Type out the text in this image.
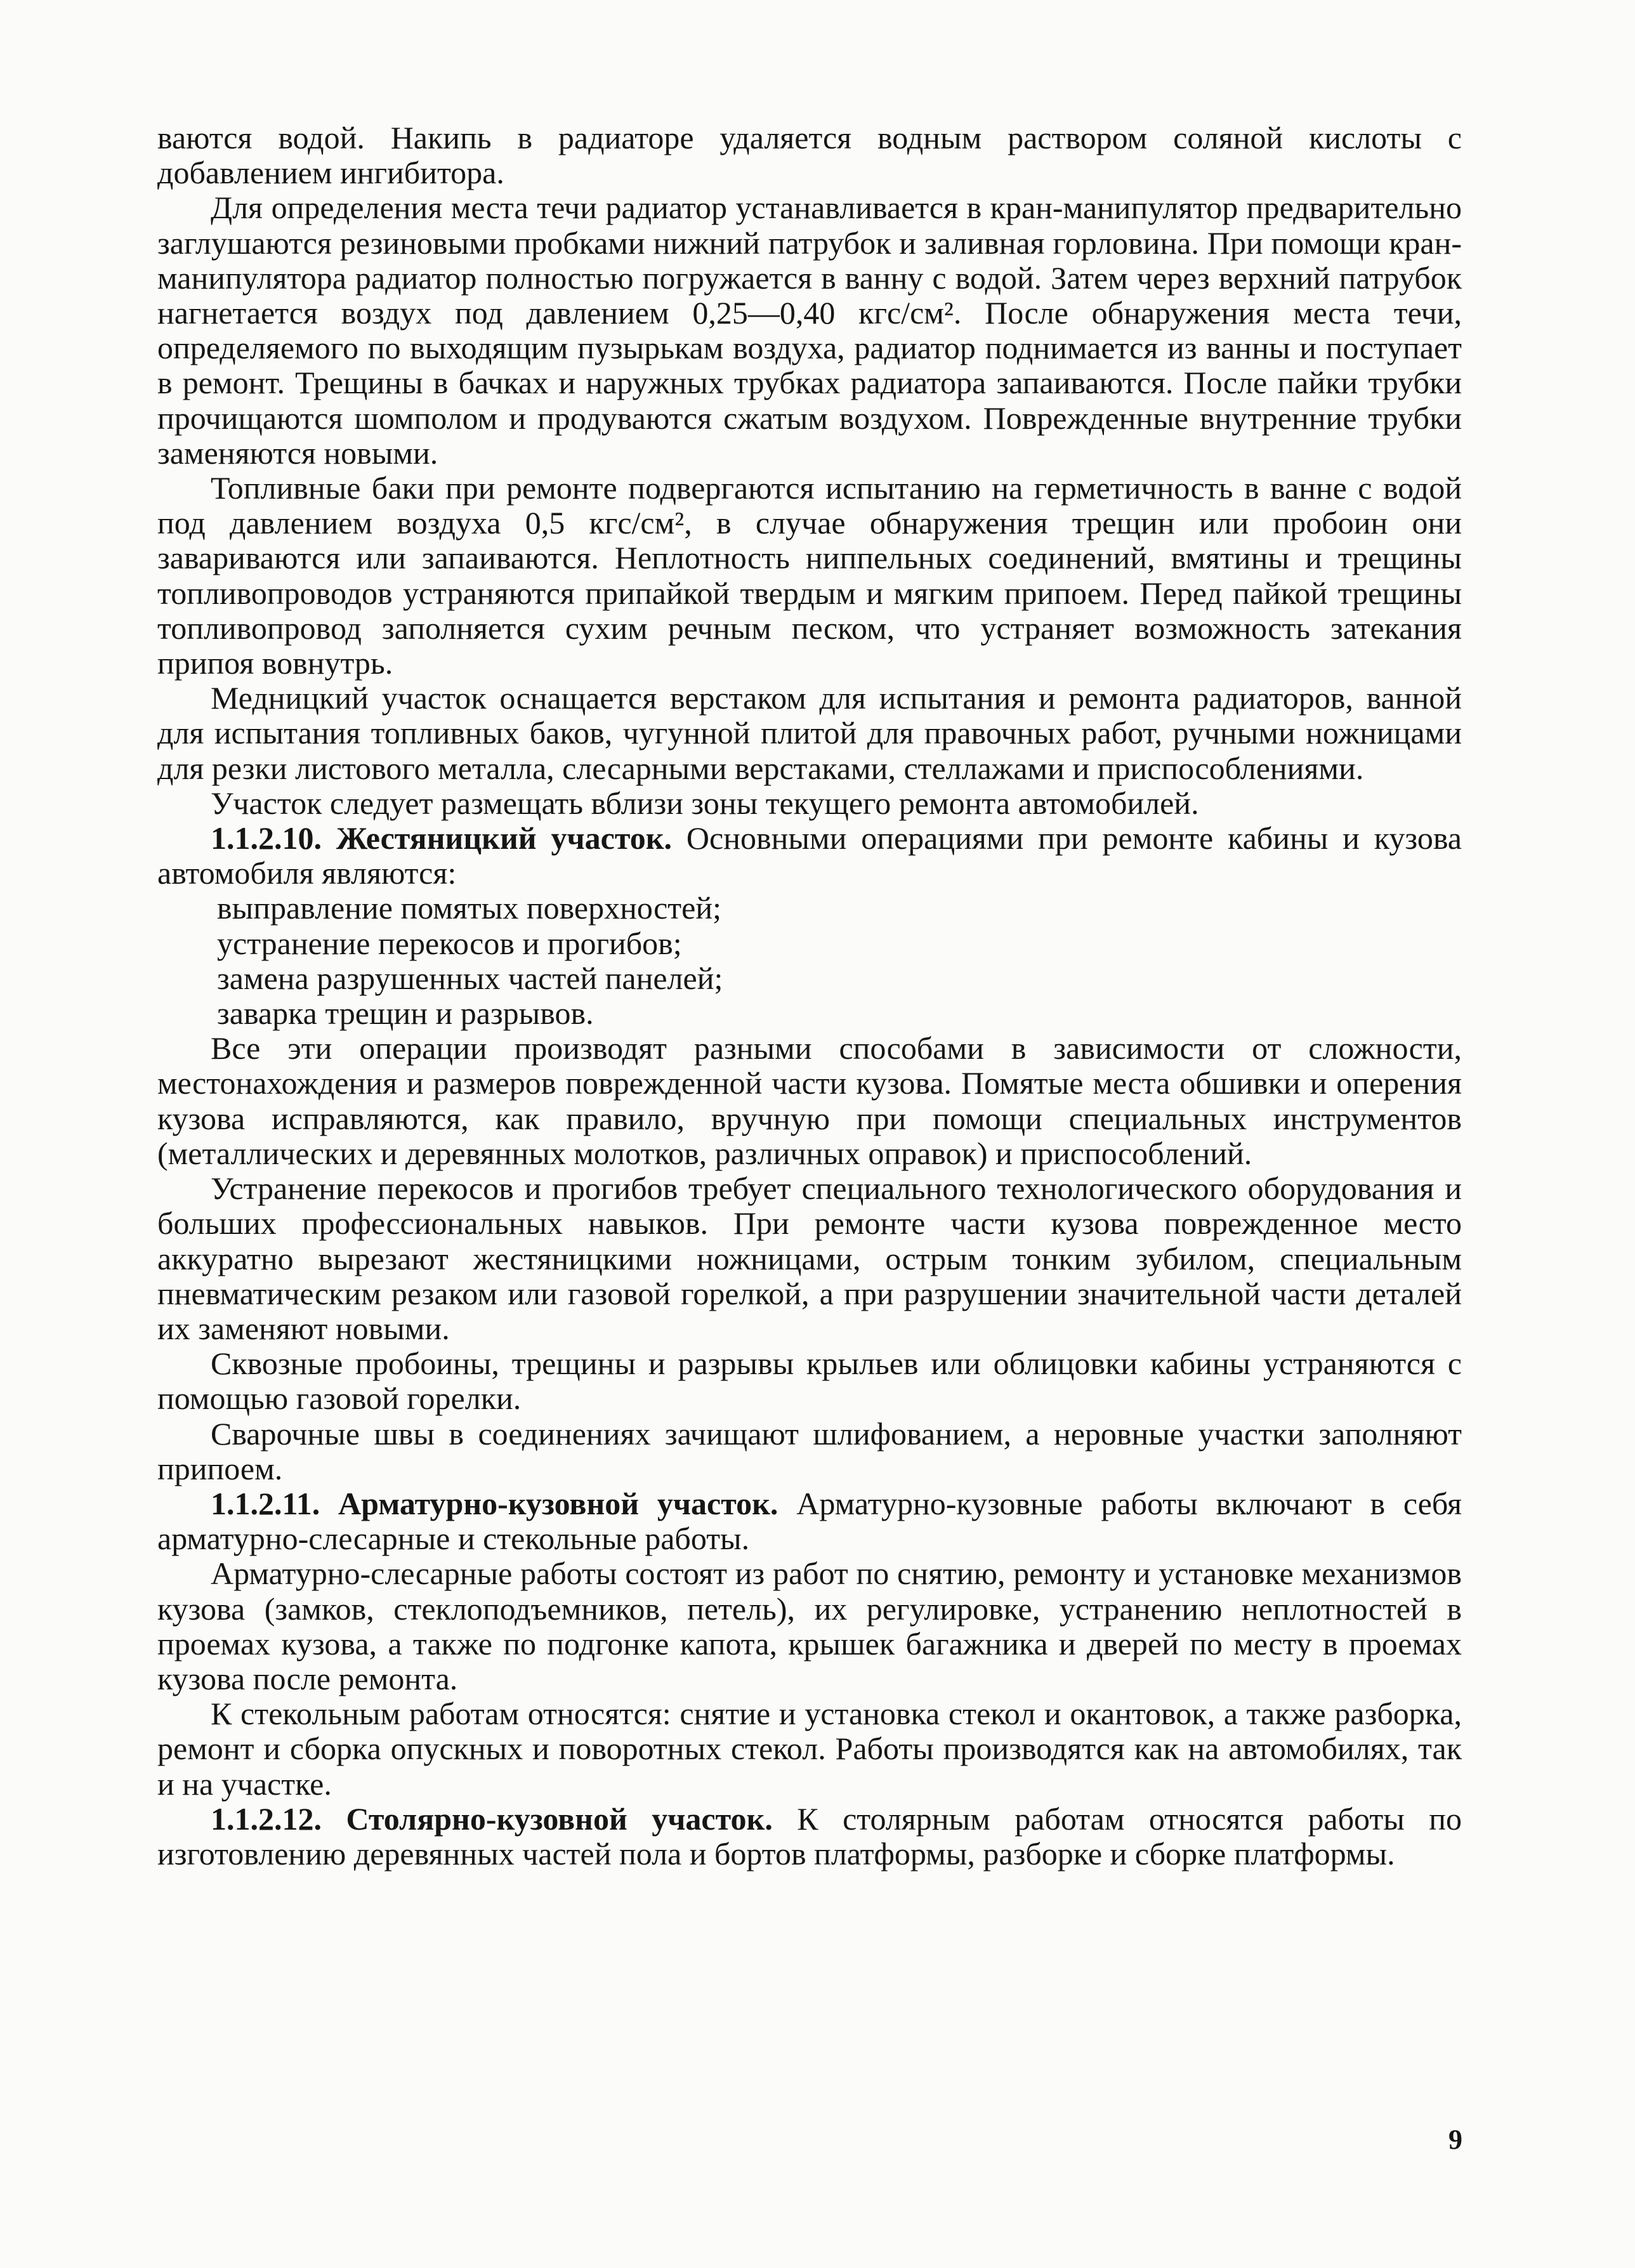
ваются водой. Накипь в радиаторе удаляется водным раствором соляной кислоты с добавлением ингибитора.

Для определения места течи радиатор устанавливается в кран-манипулятор предварительно заглушаются резиновыми пробками нижний патрубок и заливная горловина. При помощи кран-манипулятора радиатор полностью погружается в ванну с водой. Затем через верхний патрубок нагнетается воздух под давлением 0,25—0,40 кгс/см². После обнаружения места течи, определяемого по выходящим пузырькам воздуха, радиатор поднимается из ванны и поступает в ремонт. Трещины в бачках и наружных трубках радиатора запаиваются. После пайки трубки прочищаются шомполом и продуваются сжатым воздухом. Поврежденные внутренние трубки заменяются новыми.

Топливные баки при ремонте подвергаются испытанию на герметичность в ванне с водой под давлением воздуха 0,5 кгс/см², в случае обнаружения трещин или пробоин они завариваются или запаиваются. Неплотность ниппельных соединений, вмятины и трещины топливопроводов устраняются припайкой твердым и мягким припоем. Перед пайкой трещины топливопровод заполняется сухим речным песком, что устраняет возможность затекания припоя вовнутрь.

Медницкий участок оснащается верстаком для испытания и ремонта радиаторов, ванной для испытания топливных баков, чугунной плитой для правочных работ, ручными ножницами для резки листового металла, слесарными верстаками, стеллажами и приспособлениями.

Участок следует размещать вблизи зоны текущего ремонта автомобилей.

1.1.2.10. Жестяницкий участок. Основными операциями при ремонте кабины и кузова автомобиля являются:

выправление помятых поверхностей;

устранение перекосов и прогибов;

замена разрушенных частей панелей;

заварка трещин и разрывов.

Все эти операции производят разными способами в зависимости от сложности, местонахождения и размеров поврежденной части кузова. Помятые места обшивки и оперения кузова исправляются, как правило, вручную при помощи специальных инструментов (металлических и деревянных молотков, различных оправок) и приспособлений.

Устранение перекосов и прогибов требует специального технологического оборудования и больших профессиональных навыков. При ремонте части кузова поврежденное место аккуратно вырезают жестяницкими ножницами, острым тонким зубилом, специальным пневматическим резаком или газовой горелкой, а при разрушении значительной части деталей их заменяют новыми.

Сквозные пробоины, трещины и разрывы крыльев или облицовки кабины устраняются с помощью газовой горелки.

Сварочные швы в соединениях зачищают шлифованием, а неровные участки заполняют припоем.

1.1.2.11. Арматурно-кузовной участок. Арматурно-кузовные работы включают в себя арматурно-слесарные и стекольные работы.

Арматурно-слесарные работы состоят из работ по снятию, ремонту и установке механизмов кузова (замков, стеклоподъемников, петель), их регулировке, устранению неплотностей в проемах кузова, а также по подгонке капота, крышек багажника и дверей по месту в проемах кузова после ремонта.

К стекольным работам относятся: снятие и установка стекол и окантовок, а также разборка, ремонт и сборка опускных и поворотных стекол. Работы производятся как на автомобилях, так и на участке.

1.1.2.12. Столярно-кузовной участок. К столярным работам относятся работы по изготовлению деревянных частей пола и бортов платформы, разборке и сборке платформы.

9
